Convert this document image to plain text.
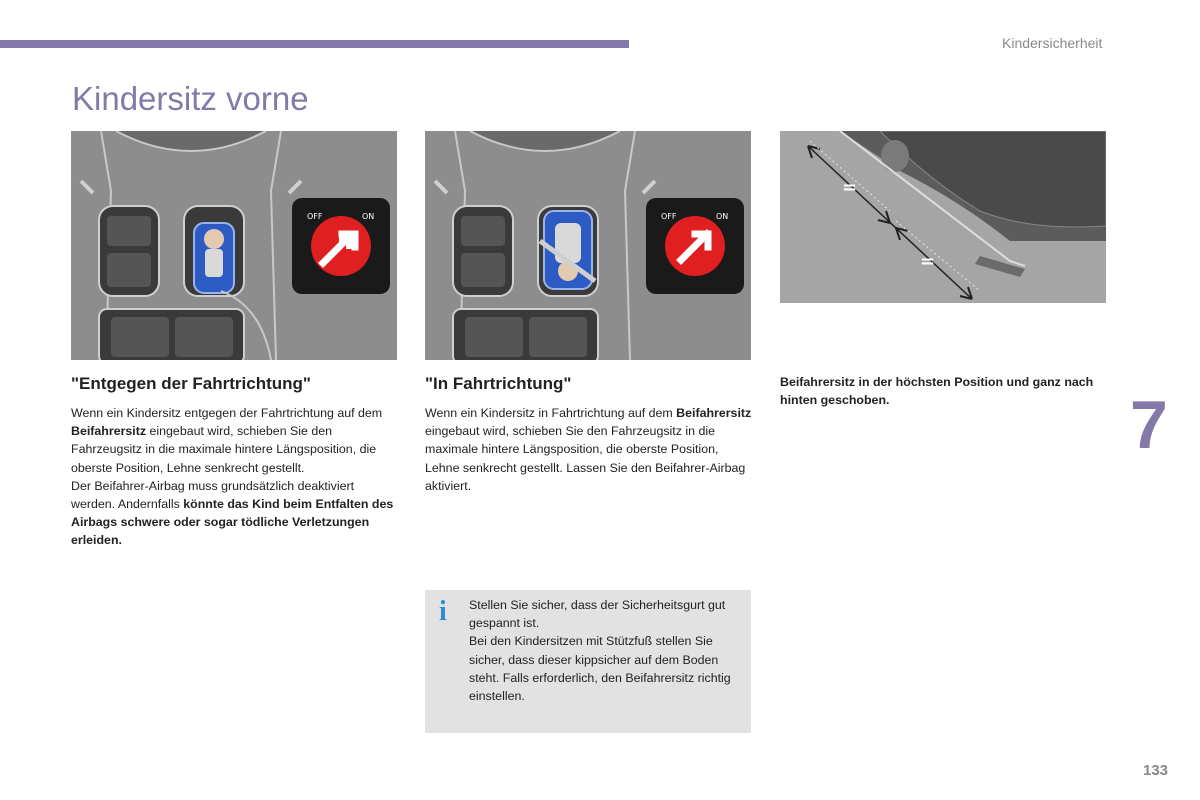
Kindersicherheit
Kindersitz vorne
OFF	ON	OFF	ON
=
=
"Entgegen der Fahrtrichtung"

Wenn ein Kindersitz entgegen der Fahrtrichtung auf dem Beifahrersitz eingebaut wird, schieben Sie den Fahrzeugsitz in die maximale hintere Längsposition, die oberste Position, Lehne senkrecht gestellt.

Der Beifahrer-Airbag muss grundsätzlich deaktiviert werden. Andernfalls könnte das Kind beim Entfalten des Airbags schwere oder sogar tödliche Verletzungen erleiden.

"In Fahrtrichtung"

Wenn ein Kindersitz in Fahrtrichtung auf dem Beifahrersitz eingebaut wird, schieben Sie den Fahrzeugsitz in die maximale hintere Längsposition, die oberste Position, Lehne senkrecht gestellt. Lassen Sie den Beifahrer-Airbag aktiviert.

Beifahrersitz in der höchsten Position und ganz nach hinten geschoben.

i Stellen Sie sicher, dass der Sicherheitsgurt gut gespannt ist.

Bei den Kindersitzen mit Stützfuß stellen Sie sicher, dass dieser kippsicher auf dem Boden steht. Falls erforderlich, den Beifahrersitz richtig einstellen.

7
133
